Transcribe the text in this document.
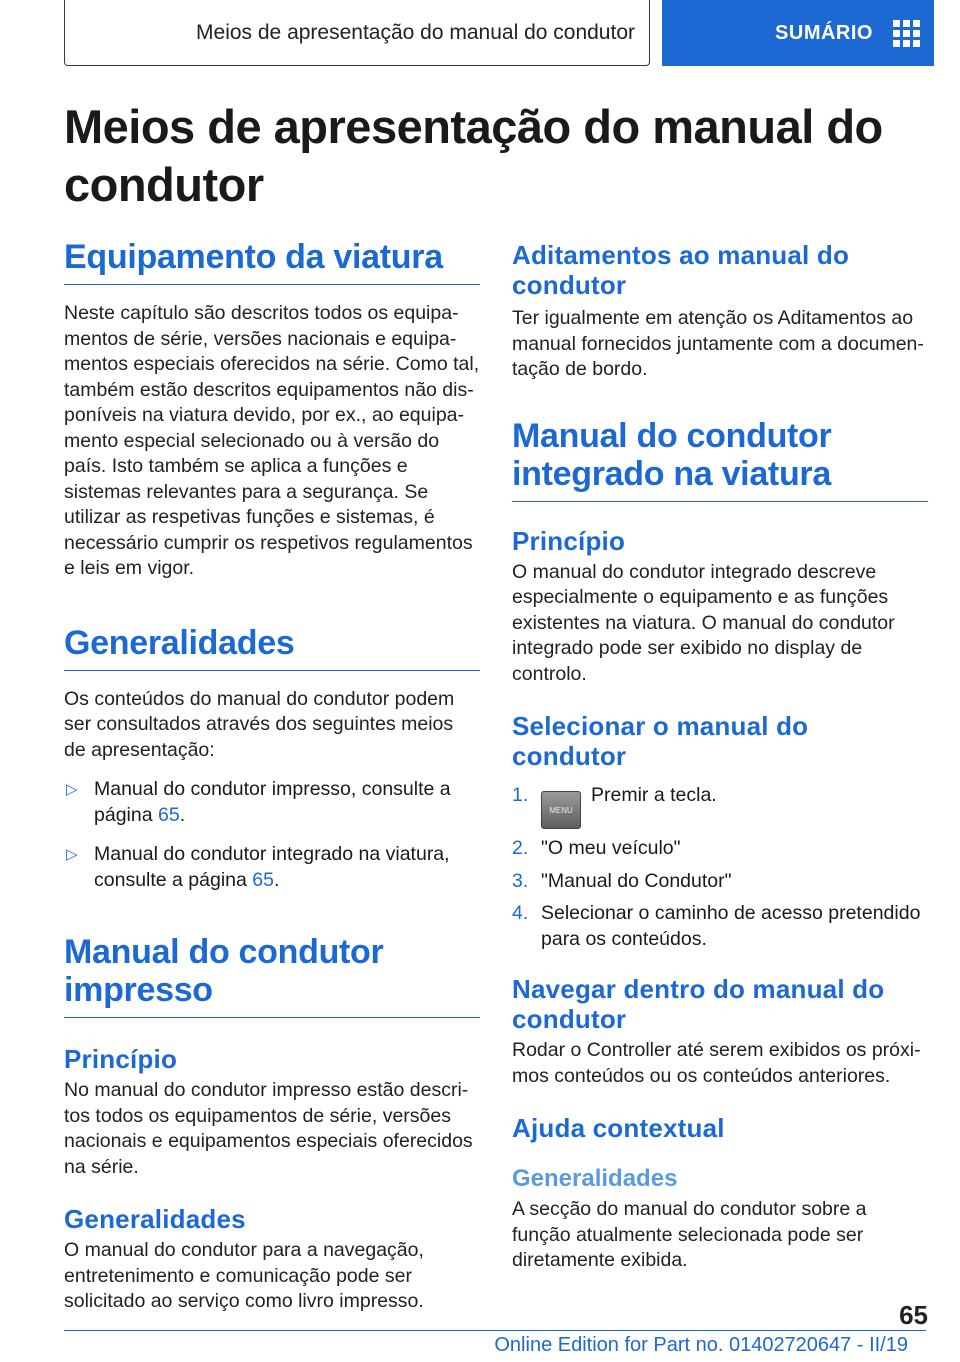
Meios de apresentação do manual do condutor	SUMÁRIO
Meios de apresentação do manual do condutor
Equipamento da viatura

Neste capítulo são descritos todos os equipamentos de série, versões nacionais e equipamentos especiais oferecidos na série. Como tal, também estão descritos equipamentos não disponíveis na viatura devido, por ex., ao equipamento especial selecionado ou à versão do país. Isto também se aplica a funções e sistemas relevantes para a segurança. Se utilizar as respetivas funções e sistemas, é necessário cumprir os respetivos regulamentos e leis em vigor.

Generalidades

Os conteúdos do manual do condutor podem ser consultados através dos seguintes meios de apresentação:

▷ Manual do condutor impresso, consulte a página 65.
▷ Manual do condutor integrado na viatura, consulte a página 65.
Manual do condutor impresso
Princípio

No manual do condutor impresso estão descritos todos os equipamentos de série, versões nacionais e equipamentos especiais oferecidos na série.

Generalidades

O manual do condutor para a navegação, entretenimento e comunicação pode ser solicitado ao serviço como livro impresso.

Aditamentos ao manual do condutor

Ter igualmente em atenção os Aditamentos ao manual fornecidos juntamente com a documentação de bordo.

Manual do condutor integrado na viatura
Princípio

O manual do condutor integrado descreve especialmente o equipamento e as funções existentes na viatura. O manual do condutor integrado pode ser exibido no display de controlo.

Selecionar o manual do condutor
1.
MENUPremir a tecla.
2. "O meu veículo"
3. "Manual do Condutor"
4. Selecionar o caminho de acesso pretendido para os conteúdos.
Navegar dentro do manual do condutor

Rodar o Controller até serem exibidos os próximos conteúdos ou os conteúdos anteriores.

Ajuda contextual
Generalidades

A secção do manual do condutor sobre a função atualmente selecionada pode ser diretamente exibida.

65
Online Edition for Part no. 01402720647 - II/19
